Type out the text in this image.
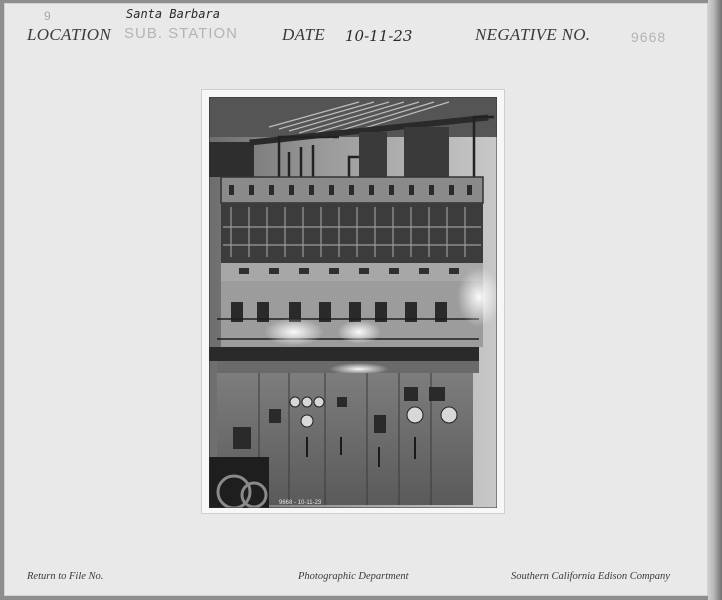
9	Santa Barbara
LOCATION SUB. STATION	DATE 10-11-23	NEGATIVE NO.	9668
9668 - 10-11-23
Return to File No.	Photographic Department	Southern California Edison Company
